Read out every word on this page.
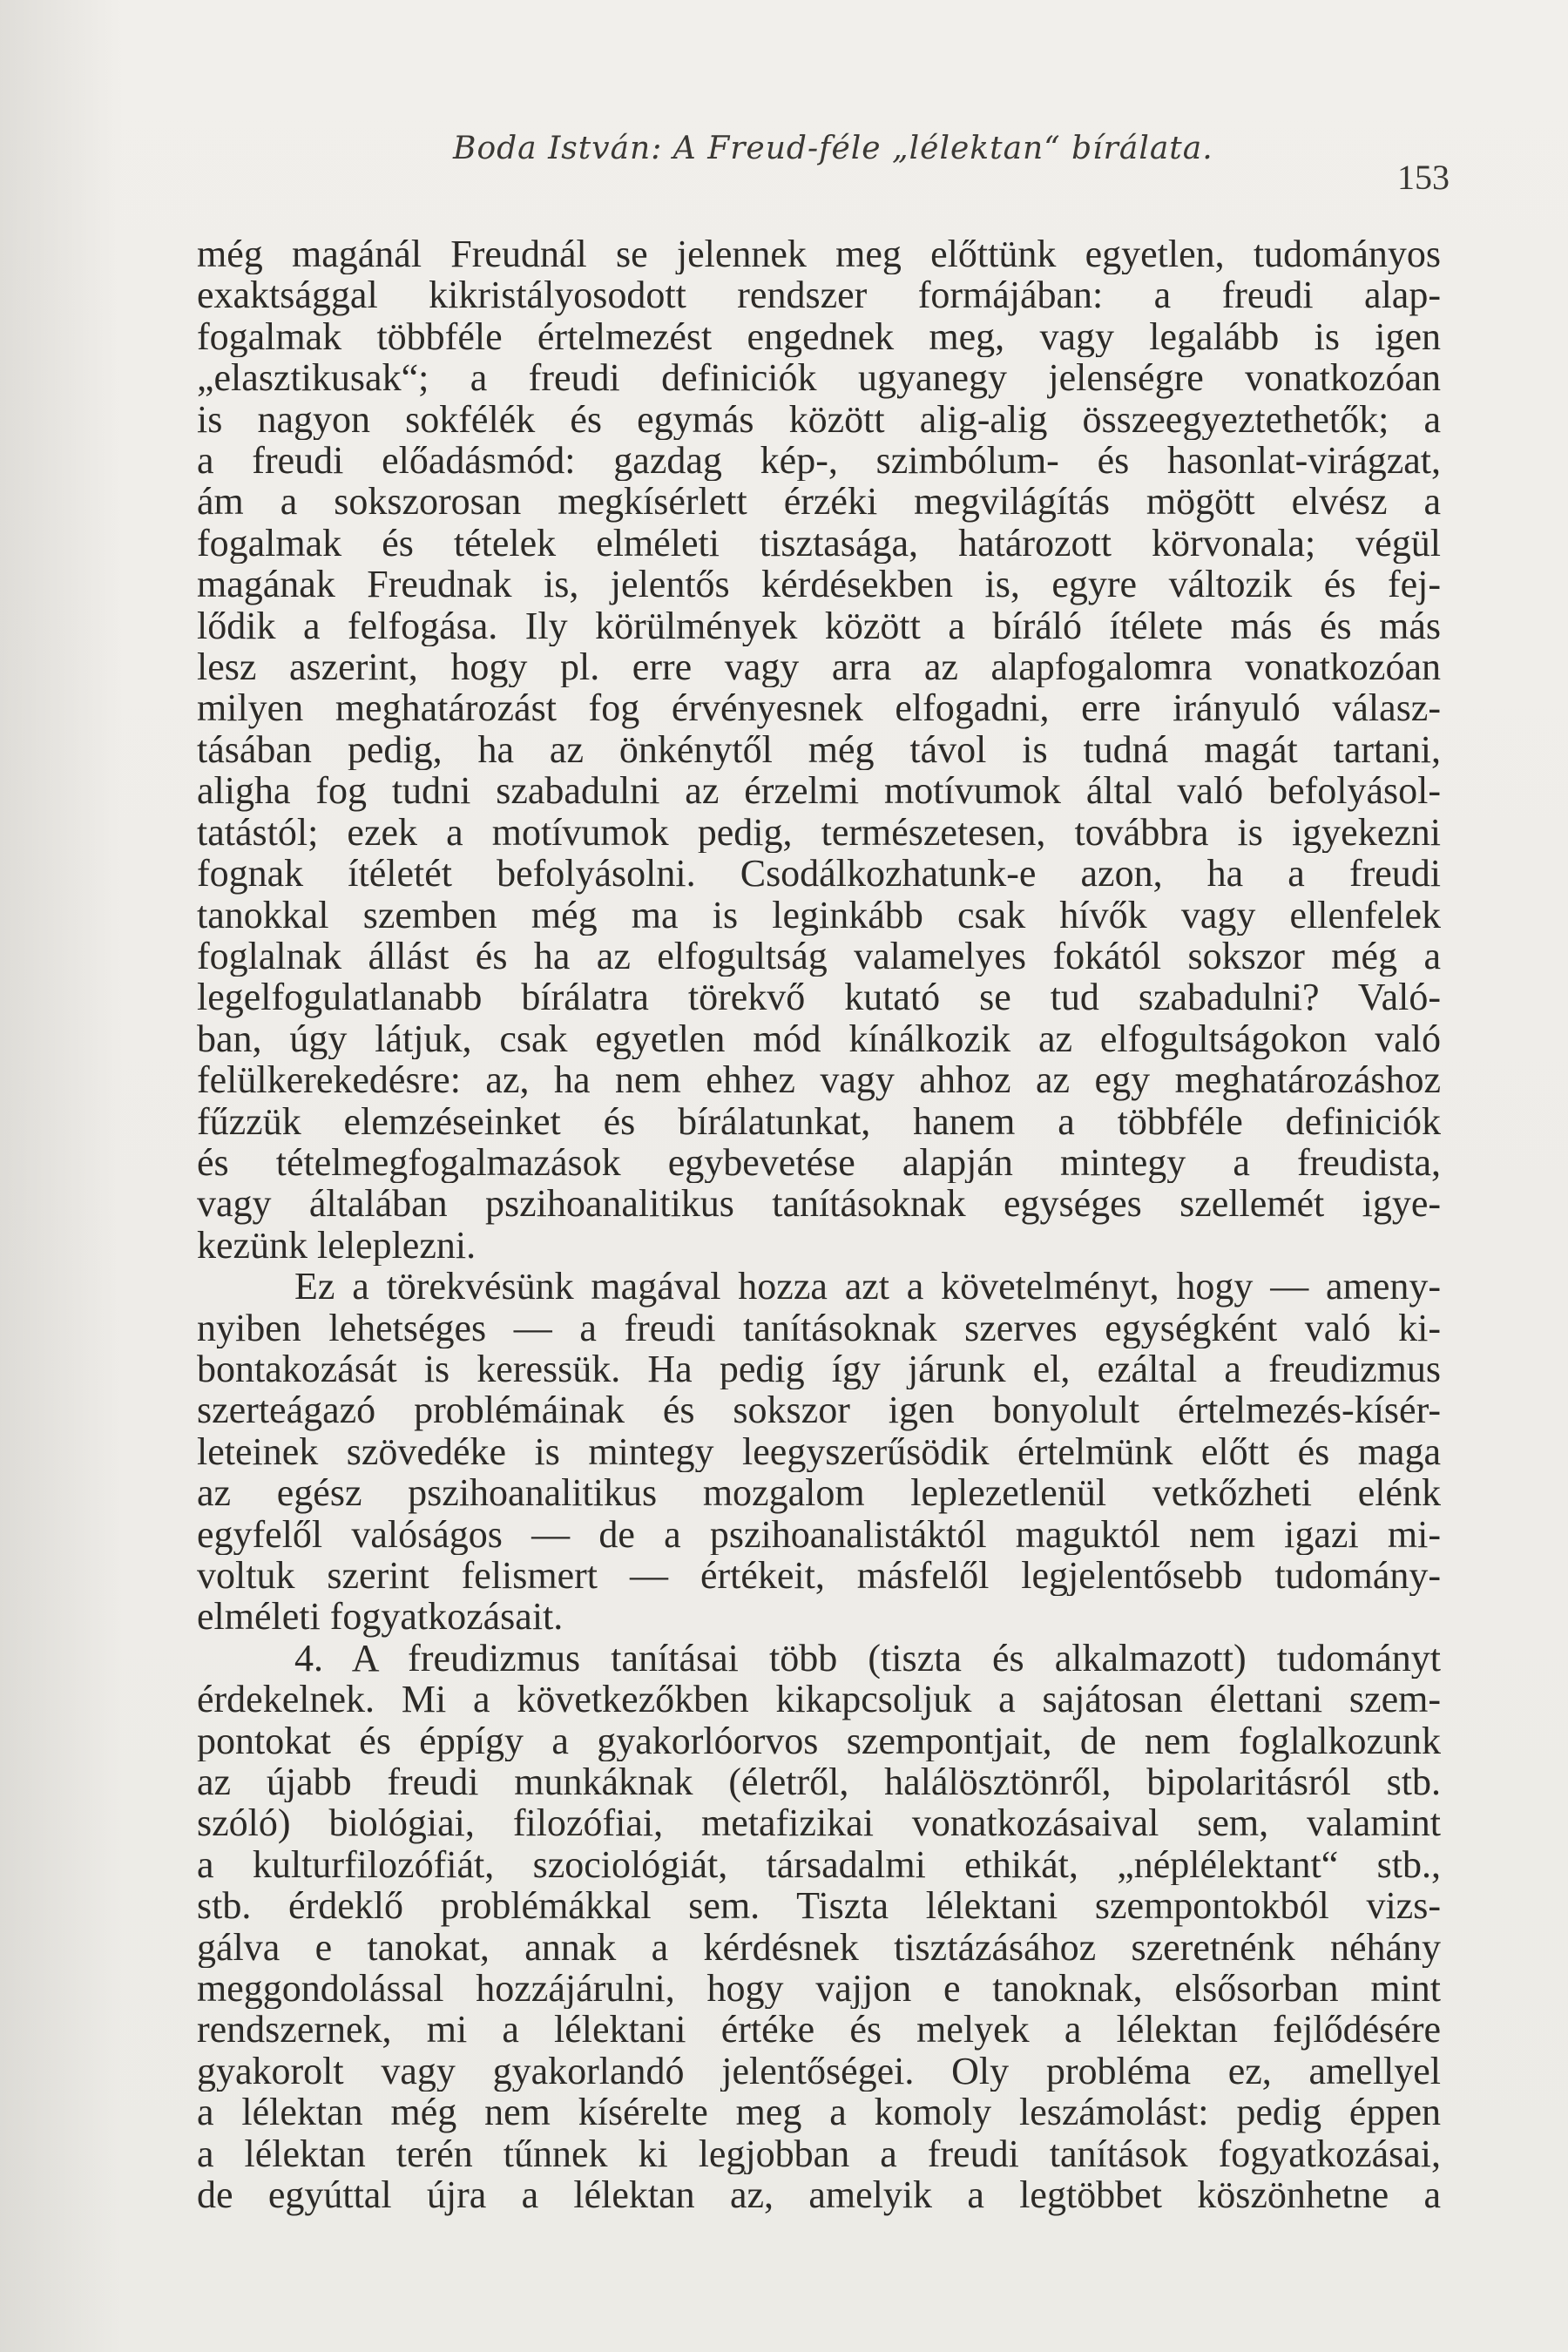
Boda István: A Freud-féle „lélektan“ bírálata.
153

még magánál Freudnál se jelennek meg előttünk egyetlen, tudományos
exaktsággal kikristályosodott rendszer formájában: a freudi alap-
fogalmak többféle értelmezést engednek meg, vagy legalább is igen
„elasztikusak“; a freudi definiciók ugyanegy jelenségre vonatkozóan
is nagyon sokfélék és egymás között alig-alig összeegyeztethetők; a
a freudi előadásmód: gazdag kép-, szimbólum- és hasonlat-virágzat,
ám a sokszorosan megkísérlett érzéki megvilágítás mögött elvész a
fogalmak és tételek elméleti tisztasága, határozott körvonala; végül
magának Freudnak is, jelentős kérdésekben is, egyre változik és fej-
lődik a felfogása. Ily körülmények között a bíráló ítélete más és más
lesz aszerint, hogy pl. erre vagy arra az alapfogalomra vonatkozóan
milyen meghatározást fog érvényesnek elfogadni, erre irányuló válasz-
tásában pedig, ha az önkénytől még távol is tudná magát tartani,
aligha fog tudni szabadulni az érzelmi motívumok által való befolyásol-
tatástól; ezek a motívumok pedig, természetesen, továbbra is igyekezni
fognak ítéletét befolyásolni. Csodálkozhatunk-e azon, ha a freudi
tanokkal szemben még ma is leginkább csak hívők vagy ellenfelek
foglalnak állást és ha az elfogultság valamelyes fokától sokszor még a
legelfogulatlanabb bírálatra törekvő kutató se tud szabadulni? Való-
ban, úgy látjuk, csak egyetlen mód kínálkozik az elfogultságokon való
felülkerekedésre: az, ha nem ehhez vagy ahhoz az egy meghatározáshoz
fűzzük elemzéseinket és bírálatunkat, hanem a többféle definiciók
és tételmegfogalmazások egybevetése alapján mintegy a freudista,
vagy általában pszihoanalitikus tanításoknak egységes szellemét igye-
kezünk leleplezni.

Ez a törekvésünk magával hozza azt a követelményt, hogy — ameny-
nyiben lehetséges — a freudi tanításoknak szerves egységként való ki-
bontakozását is keressük. Ha pedig így járunk el, ezáltal a freudizmus
szerteágazó problémáinak és sokszor igen bonyolult értelmezés-kísér-
leteinek szövedéke is mintegy leegyszerűsödik értelmünk előtt és maga
az egész pszihoanalitikus mozgalom leplezetlenül vetkőzheti elénk
egyfelől valóságos — de a pszihoanalistáktól maguktól nem igazi mi-
voltuk szerint felismert — értékeit, másfelől legjelentősebb tudomány-
elméleti fogyatkozásait.

4. A freudizmus tanításai több (tiszta és alkalmazott) tudományt
érdekelnek. Mi a következőkben kikapcsoljuk a sajátosan élettani szem-
pontokat és éppígy a gyakorlóorvos szempontjait, de nem foglalkozunk
az újabb freudi munkáknak (életről, halálösztönről, bipolaritásról stb.
szóló) biológiai, filozófiai, metafizikai vonatkozásaival sem, valamint
a kulturfilozófiát, szociológiát, társadalmi ethikát, „néplélektant“ stb.,
stb. érdeklő problémákkal sem. Tiszta lélektani szempontokból vizs-
gálva e tanokat, annak a kérdésnek tisztázásához szeretnénk néhány
meggondolással hozzájárulni, hogy vajjon e tanoknak, elsősorban mint
rendszernek, mi a lélektani értéke és melyek a lélektan fejlődésére
gyakorolt vagy gyakorlandó jelentőségei. Oly probléma ez, amellyel
a lélektan még nem kísérelte meg a komoly leszámolást: pedig éppen
a lélektan terén tűnnek ki legjobban a freudi tanítások fogyatkozásai,
de egyúttal újra a lélektan az, amelyik a legtöbbet köszönhetne a
